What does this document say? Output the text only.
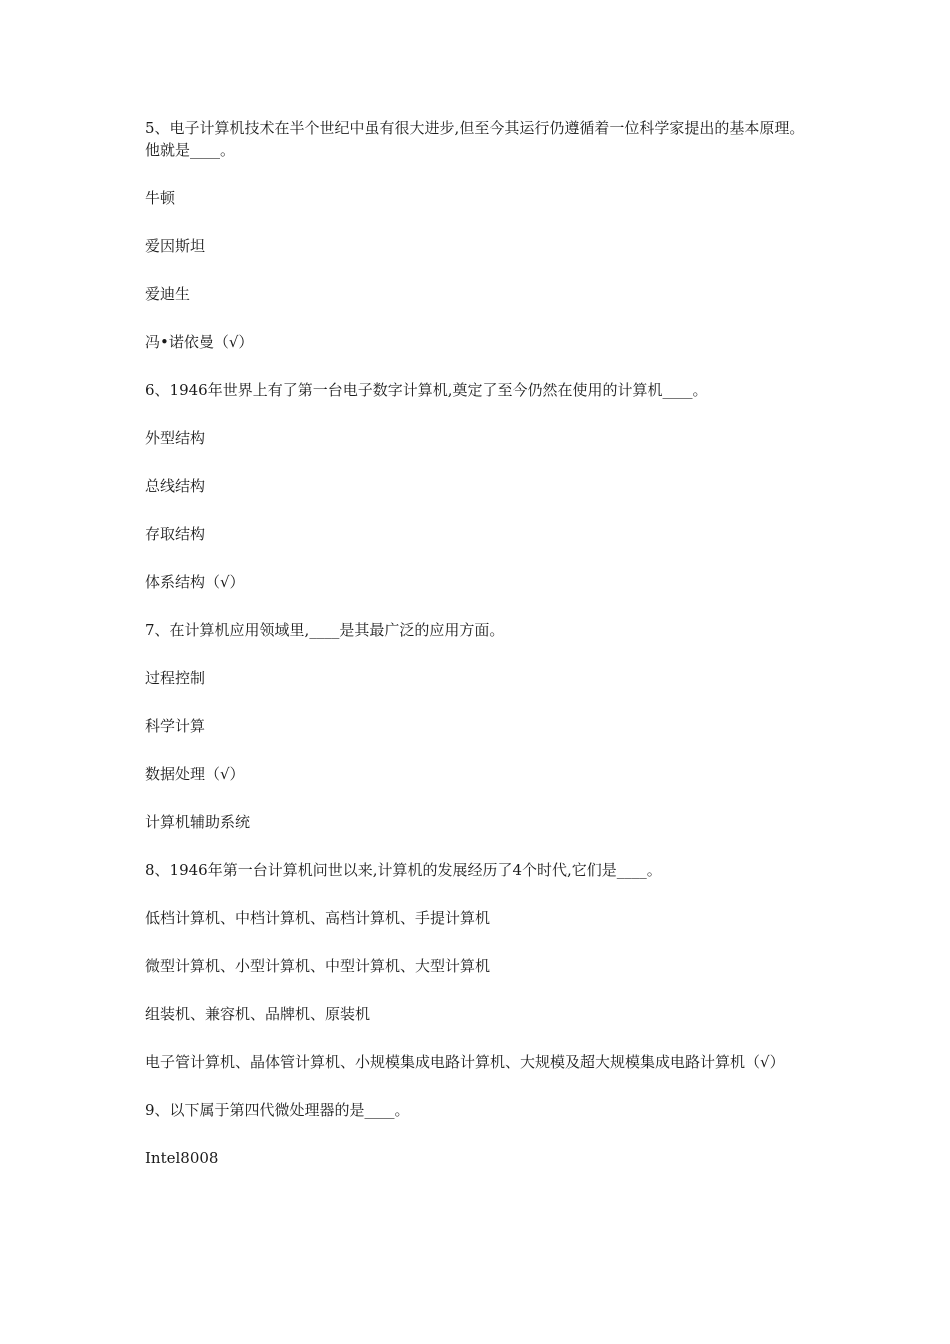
5、电子计算机技术在半个世纪中虽有很大进步,但至今其运行仍遵循着一位科学家提出的基本原理。他就是____。

牛顿

爱因斯坦

爱迪生

冯•诺依曼（√）

6、1946年世界上有了第一台电子数字计算机,奠定了至今仍然在使用的计算机____。

外型结构

总线结构

存取结构

体系结构（√）

7、在计算机应用领域里,____是其最广泛的应用方面。

过程控制

科学计算

数据处理（√）

计算机辅助系统

8、1946年第一台计算机问世以来,计算机的发展经历了4个时代,它们是____。

低档计算机、中档计算机、高档计算机、手提计算机

微型计算机、小型计算机、中型计算机、大型计算机

组装机、兼容机、品牌机、原装机

电子管计算机、晶体管计算机、小规模集成电路计算机、大规模及超大规模集成电路计算机（√）

9、以下属于第四代微处理器的是____。

Intel8008
